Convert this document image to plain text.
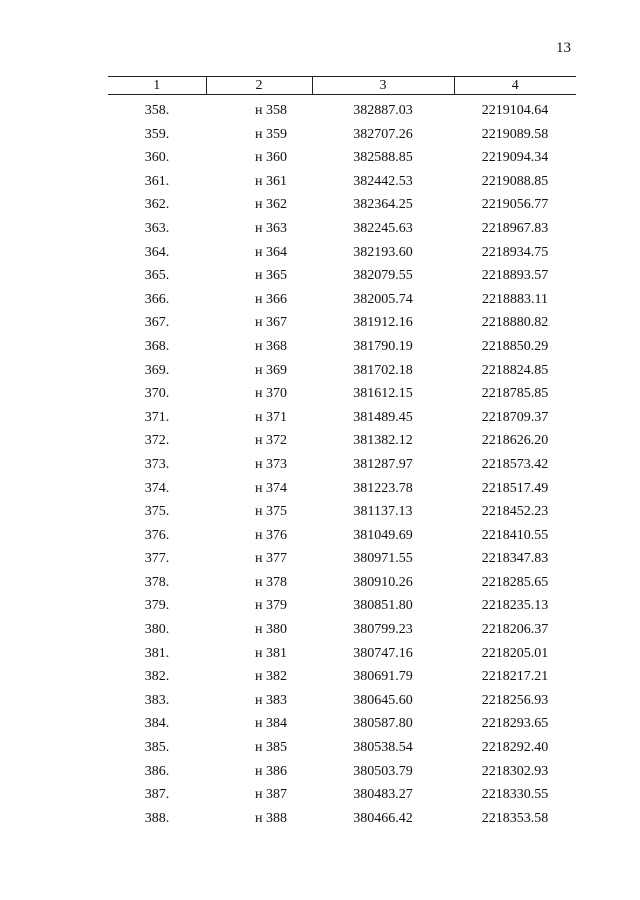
13
1	2	3	4

358.	н 358	382887.03	2219104.64
359.	н 359	382707.26	2219089.58
360.	н 360	382588.85	2219094.34
361.	н 361	382442.53	2219088.85
362.	н 362	382364.25	2219056.77
363.	н 363	382245.63	2218967.83
364.	н 364	382193.60	2218934.75
365.	н 365	382079.55	2218893.57
366.	н 366	382005.74	2218883.11
367.	н 367	381912.16	2218880.82
368.	н 368	381790.19	2218850.29
369.	н 369	381702.18	2218824.85
370.	н 370	381612.15	2218785.85
371.	н 371	381489.45	2218709.37
372.	н 372	381382.12	2218626.20
373.	н 373	381287.97	2218573.42
374.	н 374	381223.78	2218517.49
375.	н 375	381137.13	2218452.23
376.	н 376	381049.69	2218410.55
377.	н 377	380971.55	2218347.83
378.	н 378	380910.26	2218285.65
379.	н 379	380851.80	2218235.13
380.	н 380	380799.23	2218206.37
381.	н 381	380747.16	2218205.01
382.	н 382	380691.79	2218217.21
383.	н 383	380645.60	2218256.93
384.	н 384	380587.80	2218293.65
385.	н 385	380538.54	2218292.40
386.	н 386	380503.79	2218302.93
387.	н 387	380483.27	2218330.55
388.	н 388	380466.42	2218353.58
